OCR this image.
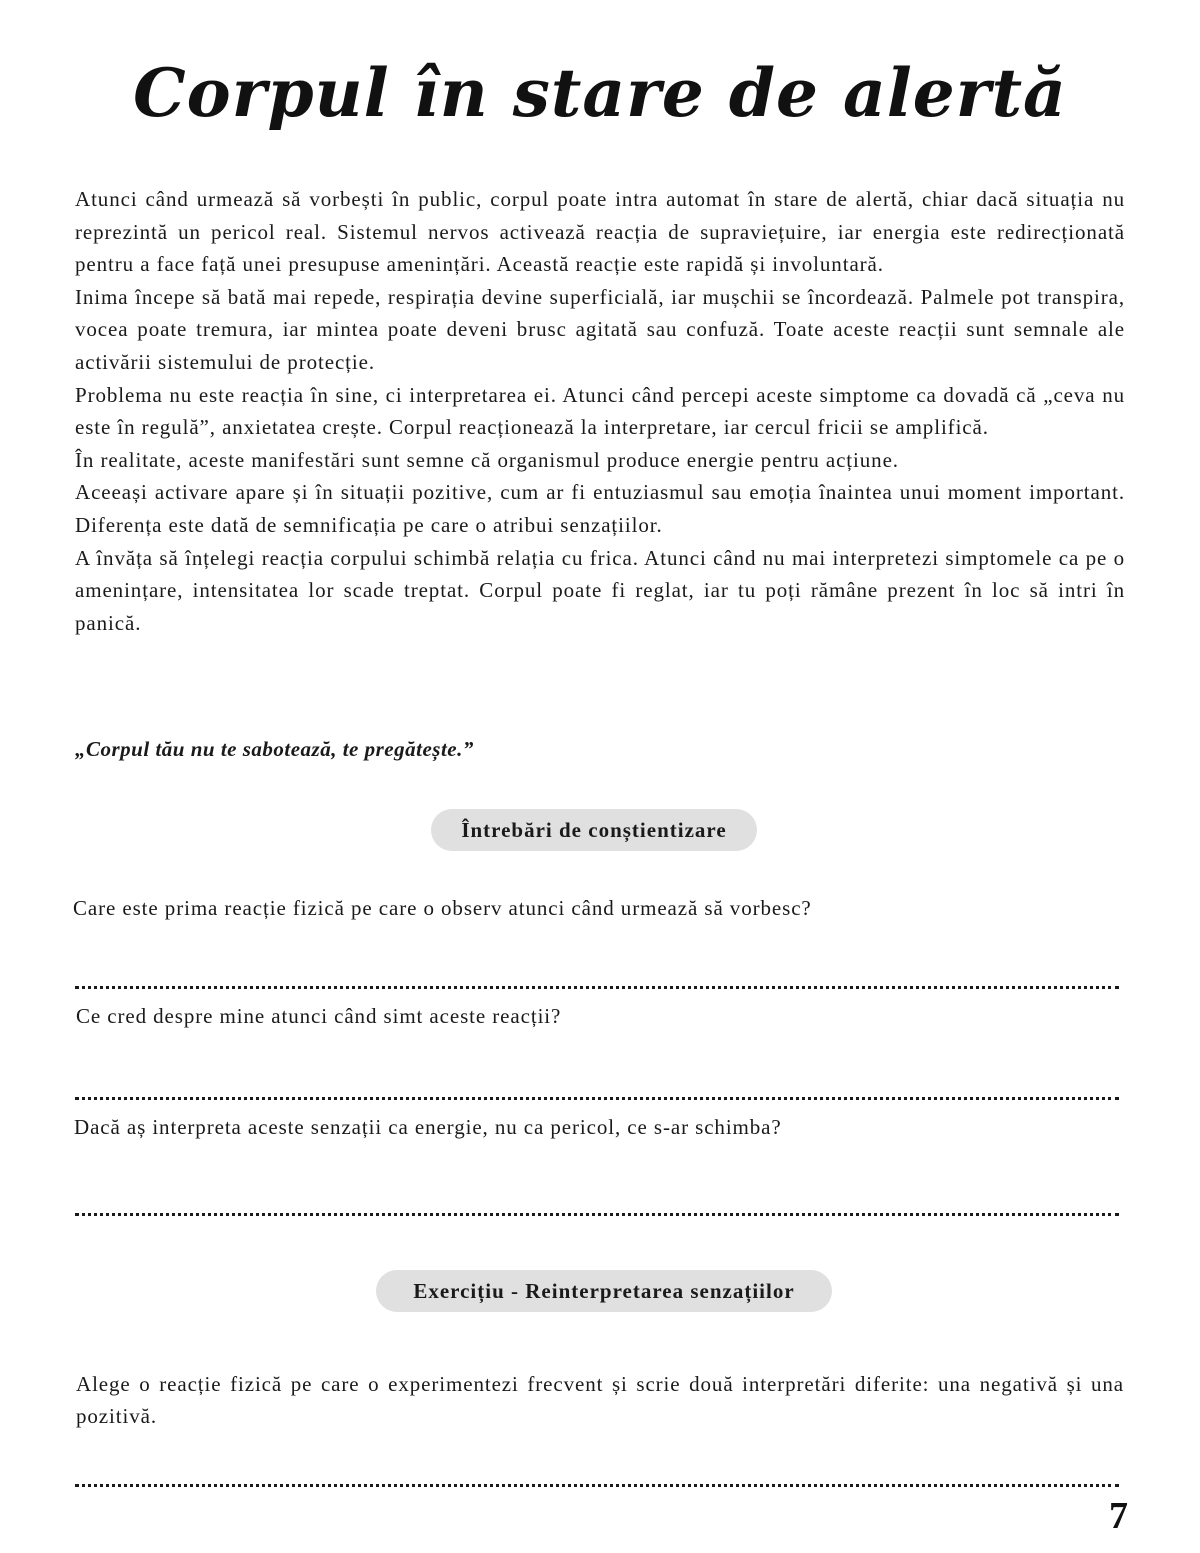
Corpul în stare de alertă

Atunci când urmează să vorbești în public, corpul poate intra automat în stare de alertă, chiar dacă situația nu reprezintă un pericol real. Sistemul nervos activează reacția de supraviețuire, iar energia este redirecționată pentru a face față unei presupuse amenințări. Această reacție este rapidă și involuntară.

Inima începe să bată mai repede, respirația devine superficială, iar mușchii se încordează. Palmele pot transpira, vocea poate tremura, iar mintea poate deveni brusc agitată sau confuză. Toate aceste reacții sunt semnale ale activării sistemului de protecție.

Problema nu este reacția în sine, ci interpretarea ei. Atunci când percepi aceste simptome ca dovadă că „ceva nu este în regulă”, anxietatea crește. Corpul reacționează la interpretare, iar cercul fricii se amplifică.

În realitate, aceste manifestări sunt semne că organismul produce energie pentru acțiune.

Aceeași activare apare și în situații pozitive, cum ar fi entuziasmul sau emoția înaintea unui moment important. Diferența este dată de semnificația pe care o atribui senzațiilor.

A învăța să înțelegi reacția corpului schimbă relația cu frica. Atunci când nu mai interpretezi simptomele ca pe o amenințare, intensitatea lor scade treptat. Corpul poate fi reglat, iar tu poți rămâne prezent în loc să intri în panică.

„Corpul tău nu te sabotează, te pregătește.”
Întrebări de conștientizare
Care este prima reacție fizică pe care o observ atunci când urmează să vorbesc?
Ce cred despre mine atunci când simt aceste reacții?
Dacă aș interpreta aceste senzații ca energie, nu ca pericol, ce s-ar schimba?
Exercițiu - Reinterpretarea senzațiilor
Alege o reacție fizică pe care o experimentezi frecvent și scrie două interpretări diferite: una negativă și una pozitivă.
7
